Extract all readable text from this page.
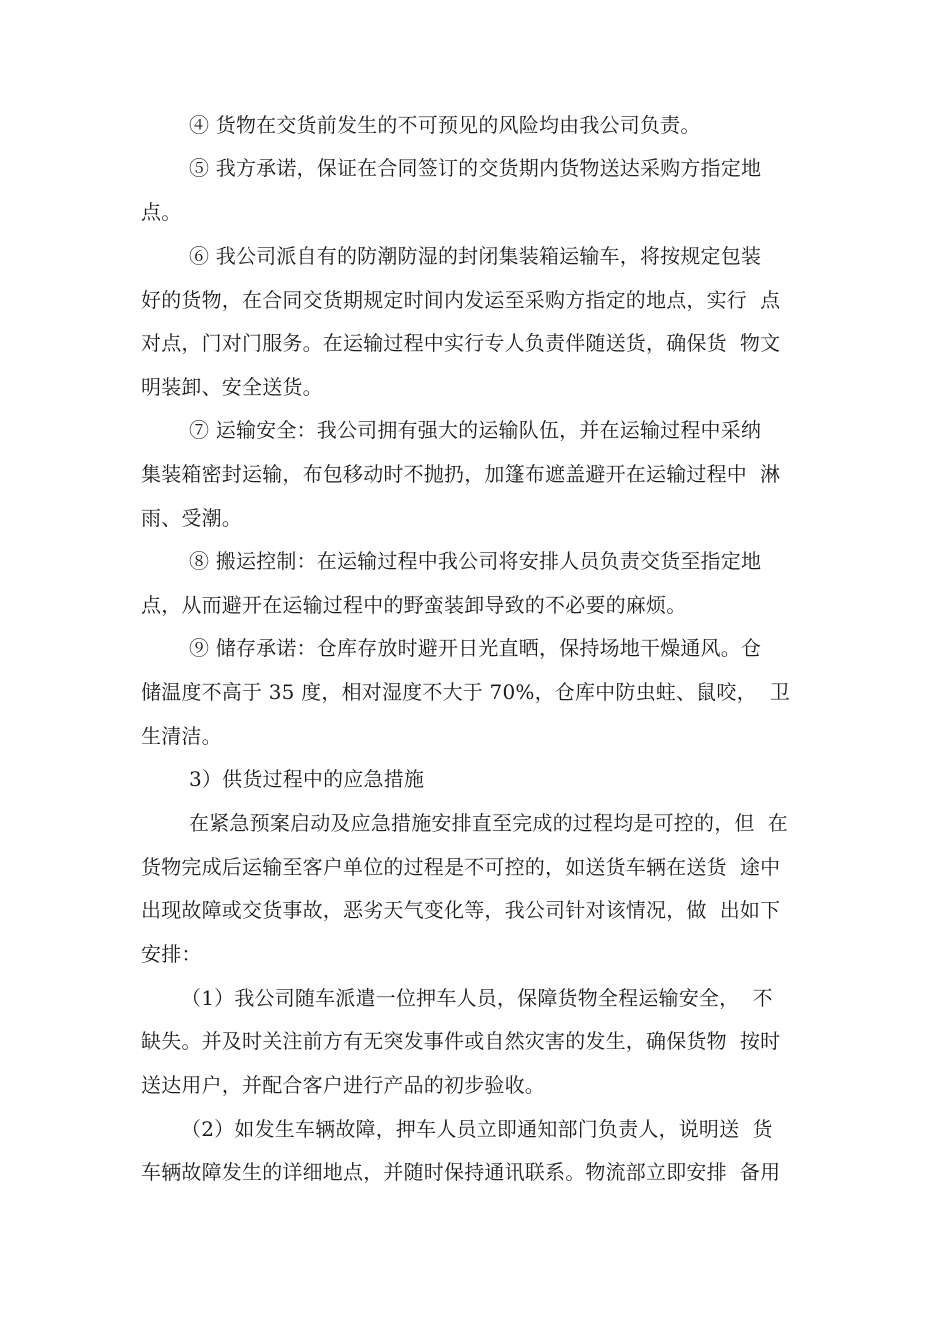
④ 货物在交货前发生的不可预见的风险均由我公司负责。
⑤ 我方承诺，保证在合同签订的交货期内货物送达采购方指定地
点。
⑥ 我公司派自有的防潮防湿的封闭集装箱运输车，将按规定包装
好的货物，在合同交货期规定时间内发运至采购方指定的地点，实行  点
对点，门对门服务。在运输过程中实行专人负责伴随送货，确保货  物文
明装卸、安全送货。
⑦ 运输安全：我公司拥有强大的运输队伍，并在运输过程中采纳
集装箱密封运输，布包移动时不抛扔，加篷布遮盖避开在运输过程中  淋
雨、受潮。
⑧ 搬运控制：在运输过程中我公司将安排人员负责交货至指定地
点，从而避开在运输过程中的野蛮装卸导致的不必要的麻烦。
⑨ 储存承诺：仓库存放时避开日光直晒，保持场地干燥通风。仓
储温度不高于 35 度，相对湿度不大于 70%，仓库中防虫蛀、鼠咬，  卫
生清洁。
3）供货过程中的应急措施
在紧急预案启动及应急措施安排直至完成的过程均是可控的，但  在
货物完成后运输至客户单位的过程是不可控的，如送货车辆在送货  途中
出现故障或交货事故，恶劣天气变化等，我公司针对该情况，做  出如下
安排：
（1）我公司随车派遣一位押车人员，保障货物全程运输安全，  不
缺失。并及时关注前方有无突发事件或自然灾害的发生，确保货物  按时
送达用户，并配合客户进行产品的初步验收。
（2）如发生车辆故障，押车人员立即通知部门负责人，说明送  货
车辆故障发生的详细地点，并随时保持通讯联系。物流部立即安排  备用
